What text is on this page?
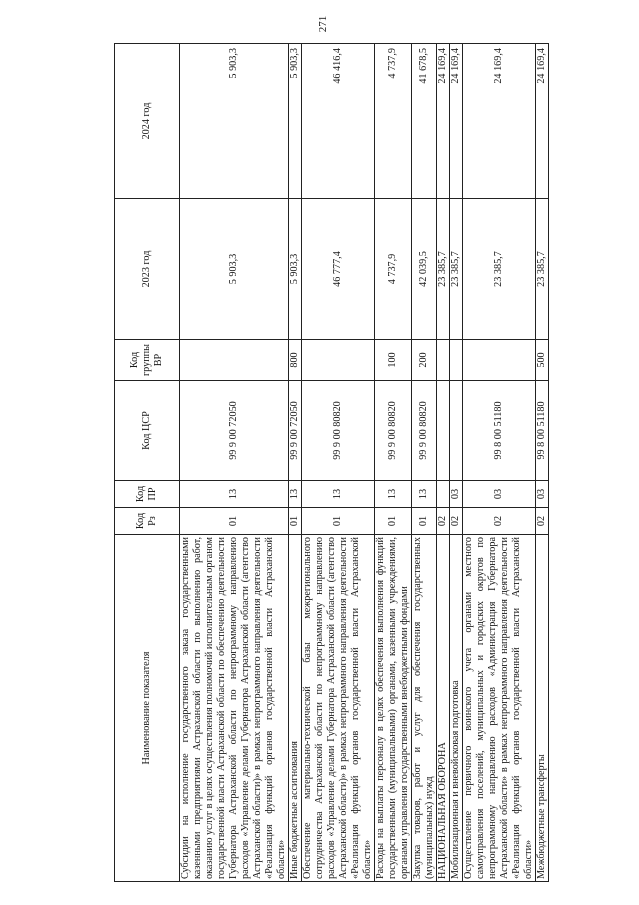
271
Наименование показателя	Код Рз	Код ПР	Код ЦСР	Код группы ВР	2023 год	2024 год
Субсидии на исполнение государственного заказа государственными казенными предприятиями Астраханской области по выполнению работ, оказанию услуг в целях осуществления полномочий исполнительным органом государственной власти Астраханской области по обеспечению деятельности Губернатора Астраханской области по непрограммному направлению расходов «Управление делами Губернатора Астраханской области (агентство Астраханской области)» в рамках непрограммного направления деятельности «Реализация функций органов государственной власти Астраханской области»	01	13	99 9 00 72050		5 903,3	5 903,3
Иные бюджетные ассигнования	01	13	99 9 00 72050	800	5 903,3	5 903,3
Обеспечение материально-технической базы межрегионального сотрудничества Астраханской области по непрограммному направлению расходов «Управление делами Губернатора Астраханской области (агентство Астраханской области)» в рамках непрограммного направления деятельности «Реализация функций органов государственной власти Астраханской области»	01	13	99 9 00 80820		46 777,4	46 416,4
Расходы на выплаты персоналу в целях обеспечения выполнения функций государственными (муниципальными) органами, казенными учреждениями, органами управления государственными внебюджетными фондами	01	13	99 9 00 80820	100	4 737,9	4 737,9
Закупка товаров, работ и услуг для обеспечения государственных (муниципальных) нужд	01	13	99 9 00 80820	200	42 039,5	41 678,5
НАЦИОНАЛЬНАЯ ОБОРОНА	02				23 385,7	24 169,4
Мобилизационная и вневойсковая подготовка	02	03			23 385,7	24 169,4
Осуществление первичного воинского учета органами местного самоуправления поселений, муниципальных и городских округов по непрограммному направлению расходов «Администрация Губернатора Астраханской области» в рамках непрограммного направления деятельности «Реализация функций органов государственной власти Астраханской области»	02	03	99 8 00 51180		23 385,7	24 169,4
Межбюджетные трансферты	02	03	99 8 00 51180	500	23 385,7	24 169,4
